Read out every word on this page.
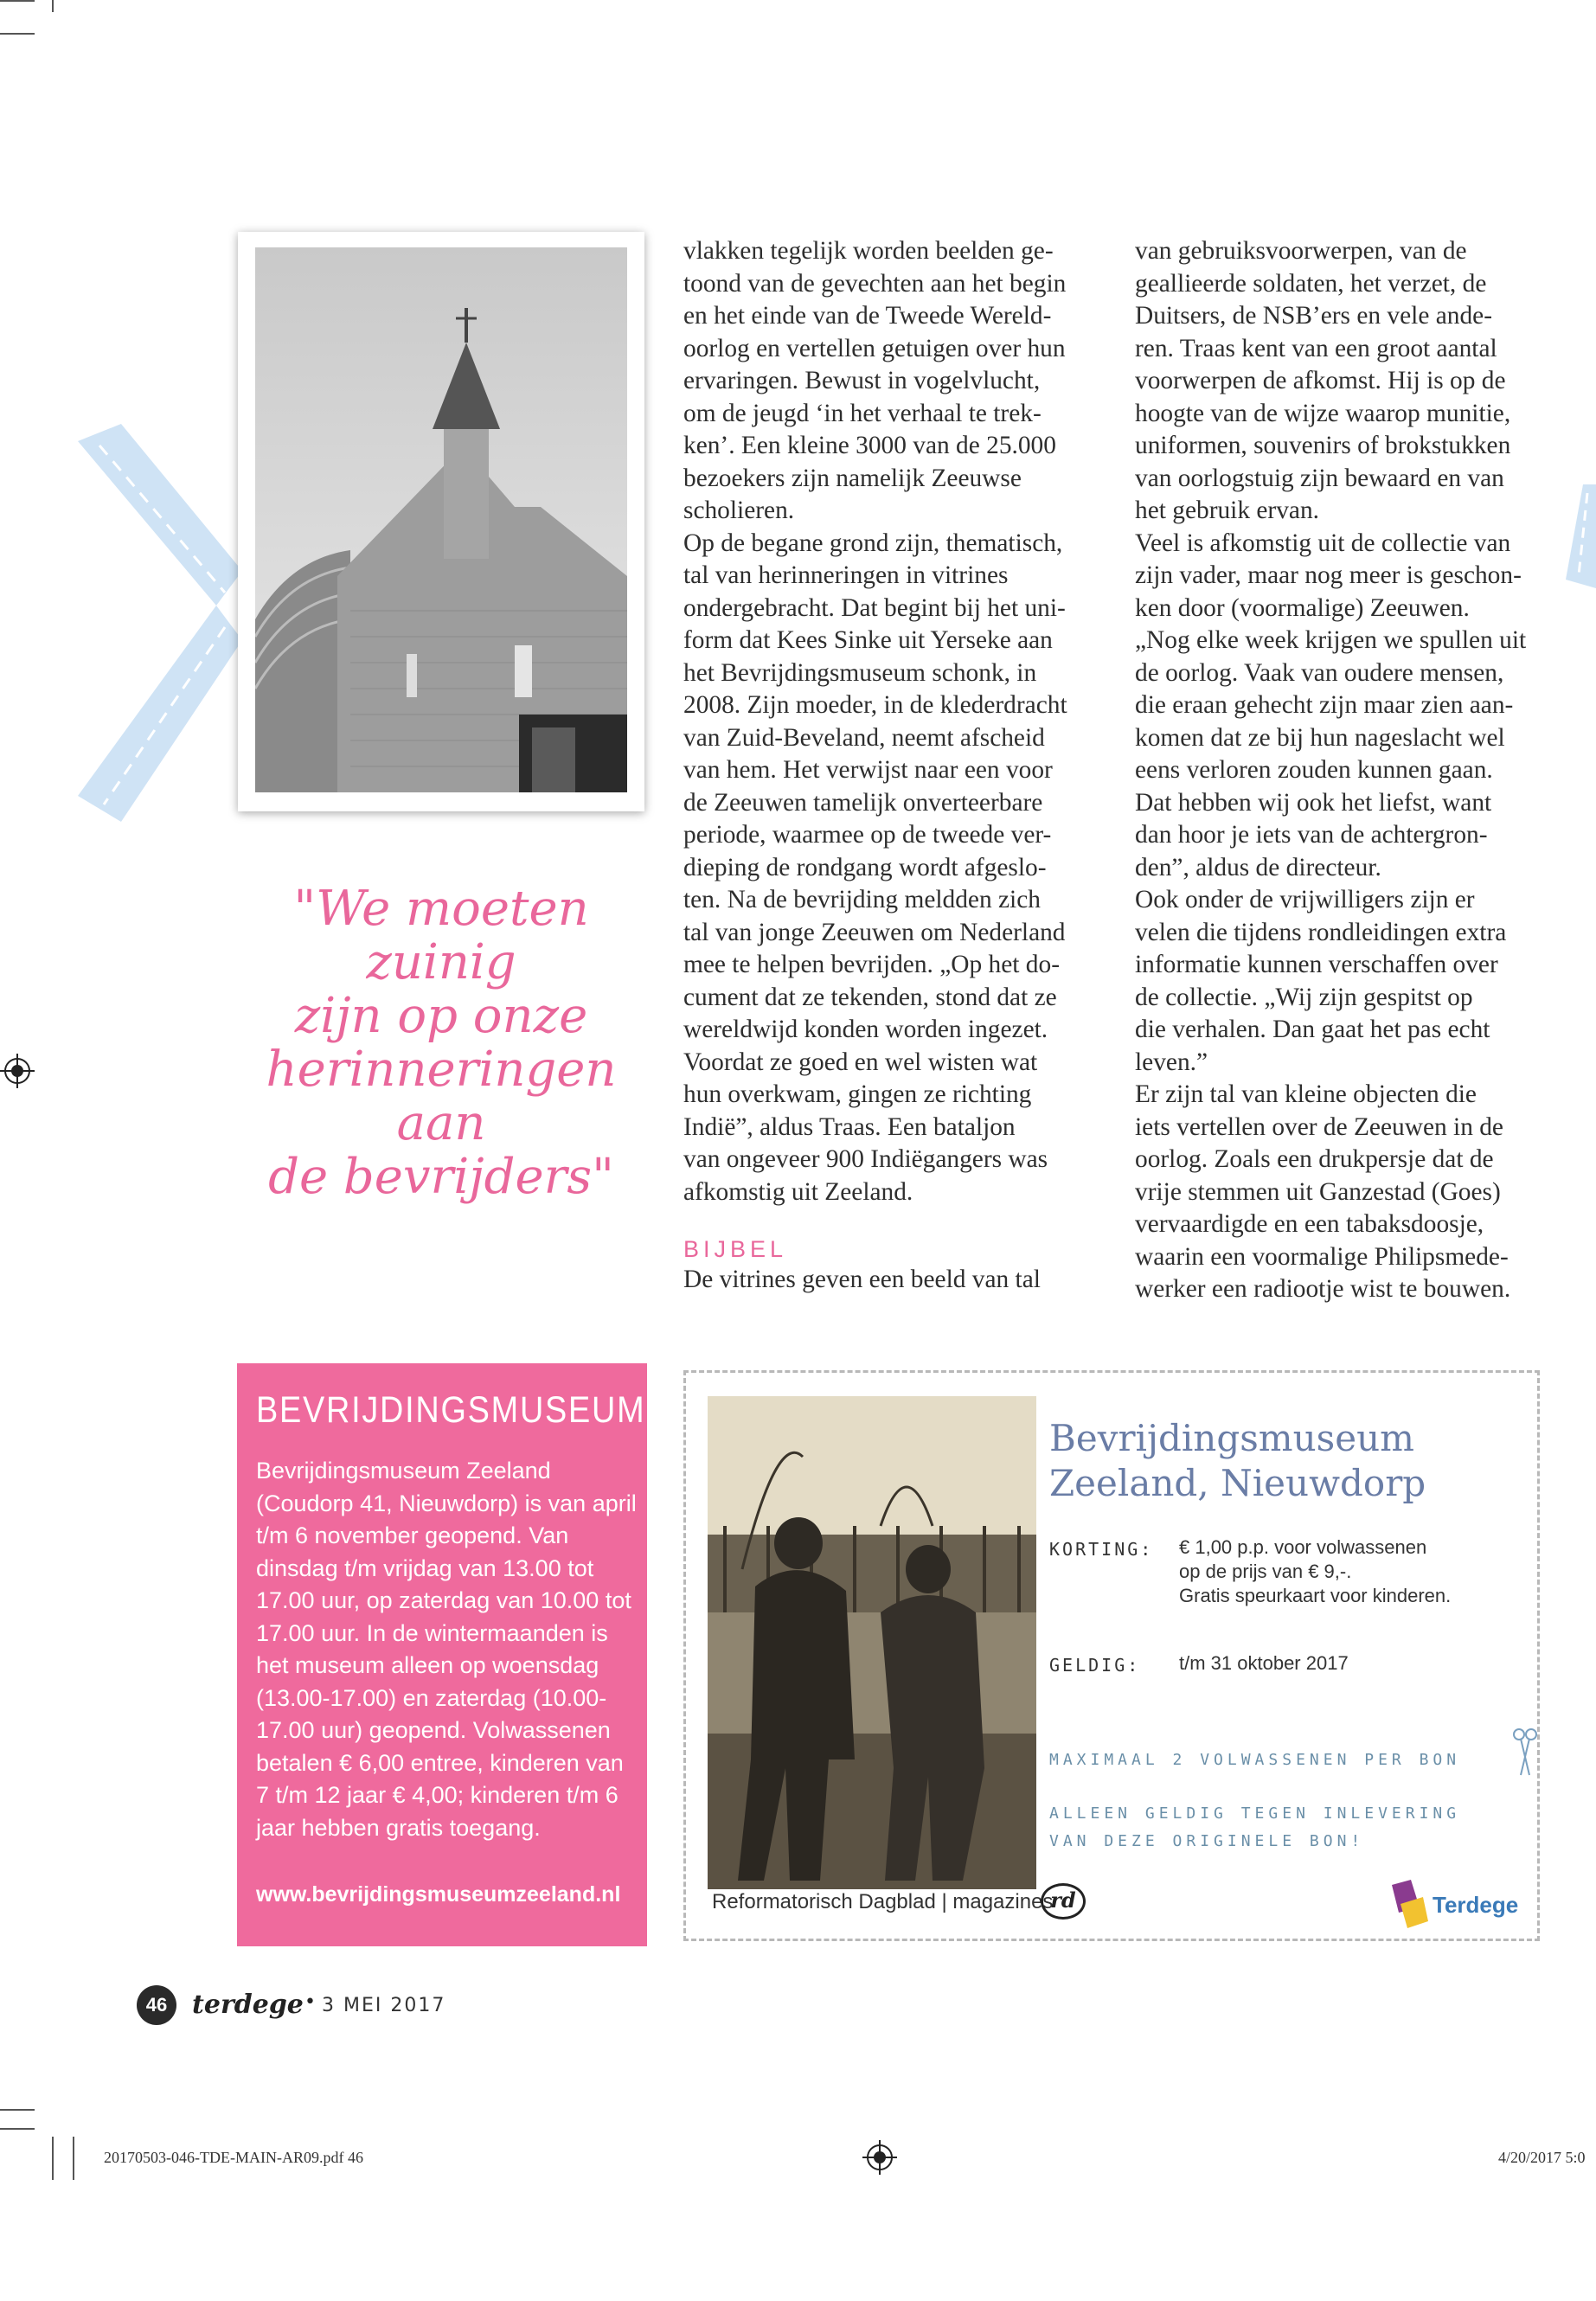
"We moeten zuinig
zijn op onze
herinneringen aan
de bevrijders"

vlakken tegelijk worden beelden ge-

toond van de gevechten aan het begin

en het einde van de Tweede Wereld-

oorlog en vertellen getuigen over hun

ervaringen. Bewust in vogelvlucht,

om de jeugd ‘in het verhaal te trek-

ken’. Een kleine 3000 van de 25.000

bezoekers zijn namelijk Zeeuwse

scholieren.

Op de begane grond zijn, thematisch,

tal van herinneringen in vitrines

ondergebracht. Dat begint bij het uni-

form dat Kees Sinke uit Yerseke aan

het Bevrijdingsmuseum schonk, in

2008. Zijn moeder, in de klederdracht

van Zuid-Beveland, neemt afscheid

van hem. Het verwijst naar een voor

de Zeeuwen tamelijk onverteerbare

periode, waarmee op de tweede ver-

dieping de rondgang wordt afgeslo-

ten. Na de bevrijding meldden zich

tal van jonge Zeeuwen om Nederland

mee te helpen bevrijden. „Op het do-

cument dat ze tekenden, stond dat ze

wereldwijd konden worden ingezet.

Voordat ze goed en wel wisten wat

hun overkwam, gingen ze richting

Indië”, aldus Traas. Een bataljon

van ongeveer 900 Indiëgangers was

afkomstig uit Zeeland.

BIJBEL

De vitrines geven een beeld van tal

van gebruiksvoorwerpen, van de

geallieerde soldaten, het verzet, de

Duitsers, de NSB’ers en vele ande-

ren. Traas kent van een groot aantal

voorwerpen de afkomst. Hij is op de

hoogte van de wijze waarop munitie,

uniformen, souvenirs of brokstukken

van oorlogstuig zijn bewaard en van

het gebruik ervan.

Veel is afkomstig uit de collectie van

zijn vader, maar nog meer is geschon-

ken door (voormalige) Zeeuwen.

„Nog elke week krijgen we spullen uit

de oorlog. Vaak van oudere mensen,

die eraan gehecht zijn maar zien aan-

komen dat ze bij hun nageslacht wel

eens verloren zouden kunnen gaan.

Dat hebben wij ook het liefst, want

dan hoor je iets van de achtergron-

den”, aldus de directeur.

Ook onder de vrijwilligers zijn er

velen die tijdens rondleidingen extra

informatie kunnen verschaffen over

de collectie. „Wij zijn gespitst op

die verhalen. Dan gaat het pas echt

leven.”

Er zijn tal van kleine objecten die

iets vertellen over de Zeeuwen in de

oorlog. Zoals een drukpersje dat de

vrije stemmen uit Ganzestad (Goes)

vervaardigde en een tabaksdoosje,

waarin een voormalige Philipsmede-

werker een radiootje wist te bouwen.

BEVRIJDINGSMUSEUM
Bevrijdingsmuseum Zeeland (Coudorp 41, Nieuwdorp) is van april t/m 6 november geopend. Van dinsdag t/m vrijdag van 13.00 tot 17.00 uur, op zaterdag van 10.00 tot 17.00 uur. In de wintermaanden is het museum alleen op woensdag (13.00-17.00) en zaterdag (10.00-17.00 uur) geopend. Volwassenen betalen € 6,00 entree, kinderen van 7 t/m 12 jaar € 4,00; kinderen t/m 6 jaar hebben gratis toegang.
www.bevrijdingsmuseumzeeland.nl
Bevrijdingsmuseum
Zeeland, Nieuwdorp
KORTING: € 1,00 p.p. voor volwassenen
op de prijs van € 9,-.
Gratis speurkaart voor kinderen.
GELDIG: t/m 31 oktober 2017
MAXIMAAL 2 VOLWASSENEN PER BON
ALLEEN GELDIG TEGEN INLEVERING
VAN DEZE ORIGINELE BON!
Reformatorisch Dagblad | magazines
rd	Terdege
46 terdege • 3 MEI 2017
20170503-046-TDE-MAIN-AR09.pdf 46	4/20/2017 5:0
